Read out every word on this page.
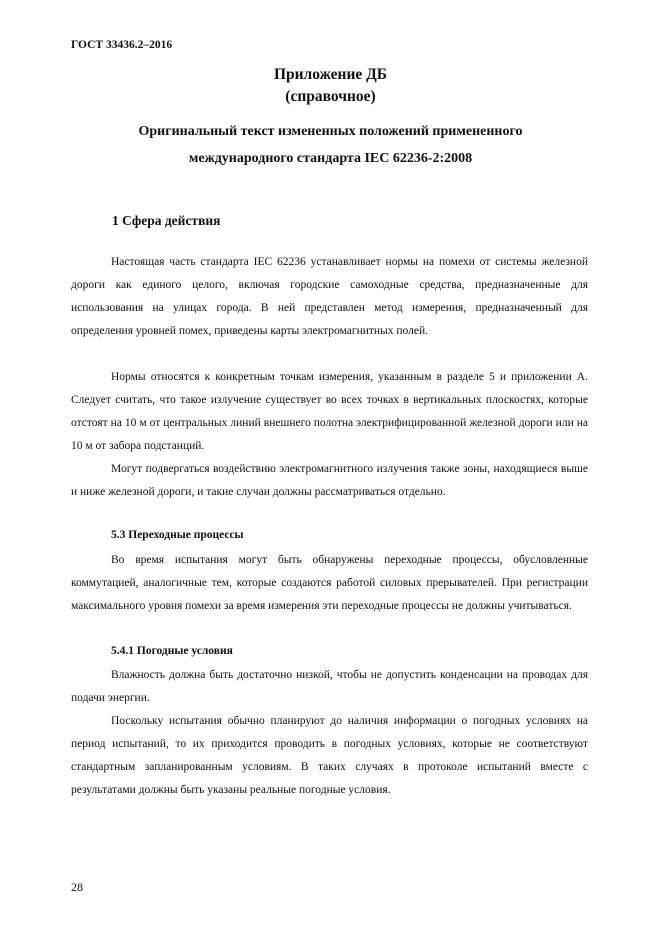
ГОСТ 33436.2–2016
Приложение ДБ
(справочное)
Оригинальный текст измененных положений примененного
международного стандарта IEC 62236-2:2008
1 Сфера действия

Настоящая часть стандарта IEC 62236 устанавливает нормы на помехи от системы железной дороги как единого целого, включая городские самоходные средства, предназначенные для использования на улицах города. В ней представлен метод измерения, предназначенный для определения уровней помех, приведены карты электромагнитных полей.

Нормы относятся к конкретным точкам измерения, указанным в разделе 5 и приложении А. Следует считать, что такое излучение существует во всех точках в вертикальных плоскостях, которые отстоят на 10 м от центральных линий внешнего полотна электрифицированной железной дороги или на 10 м от забора подстанций.

Могут подвергаться воздействию электромагнитного излучения также зоны, находящиеся выше и ниже железной дороги, и такие случаи должны рассматриваться отдельно.

5.3 Переходные процессы

Во время испытания могут быть обнаружены переходные процессы, обусловленные коммутацией, аналогичные тем, которые создаются работой силовых прерывателей. При регистрации максимального уровня помехи за время измерения эти переходные процессы не должны учитываться.

5.4.1 Погодные условия

Влажность должна быть достаточно низкой, чтобы не допустить конденсации на проводах для подачи энергии.

Поскольку испытания обычно планируют до наличия информации о погодных условиях на период испытаний, то их приходится проводить в погодных условиях, которые не соответствуют стандартным запланированным условиям. В таких случаях в протоколе испытаний вместе с результатами должны быть указаны реальные погодные условия.

28
